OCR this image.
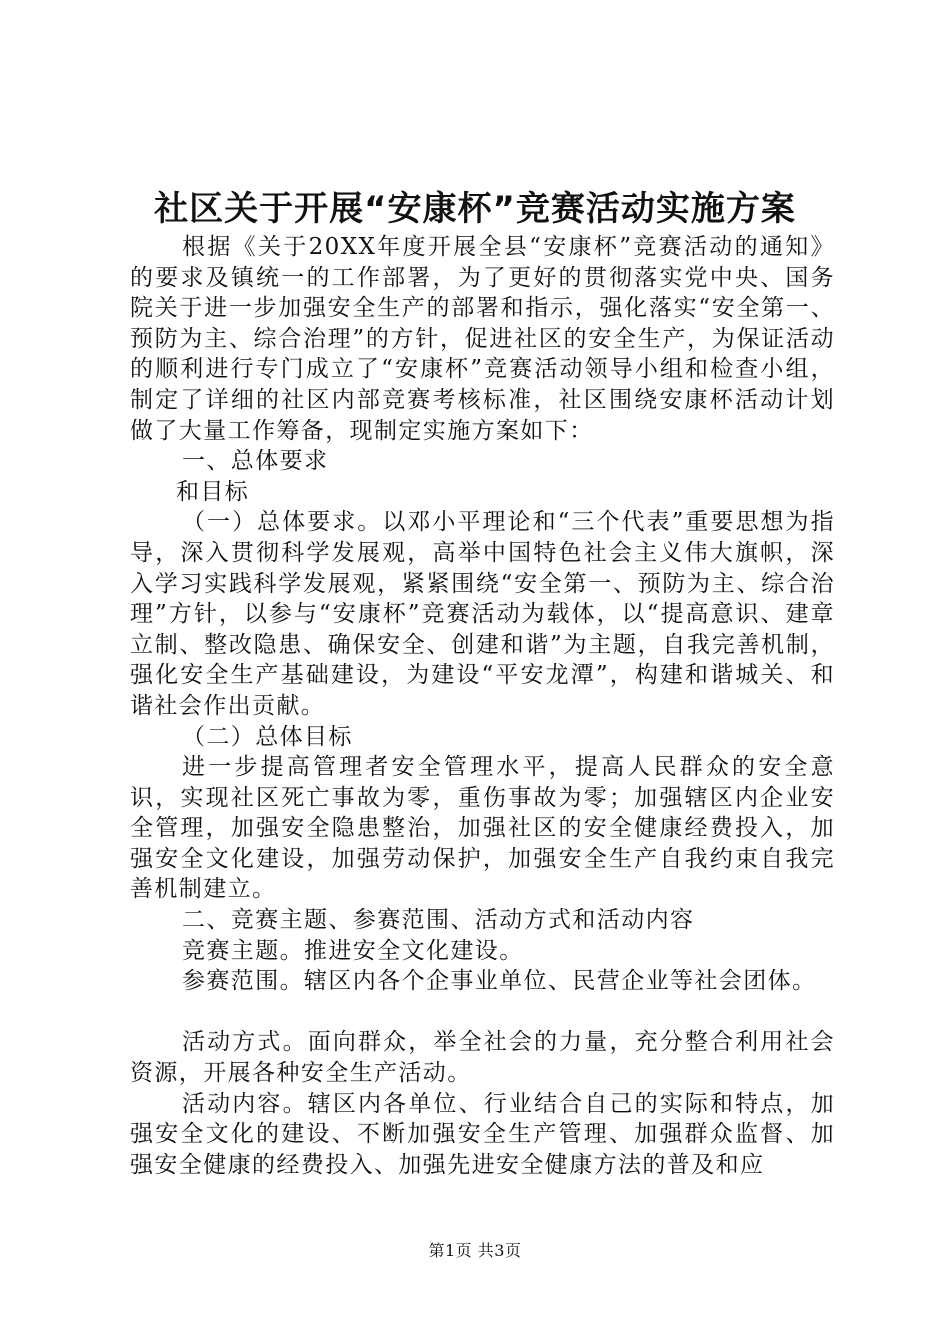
社区关于开展“安康杯”竞赛活动实施方案

根据《关于20XX年度开展全县“安康杯”竞赛活动的通知》的要求及镇统一的工作部署，为了更好的贯彻落实党中央、国务院关于进一步加强安全生产的部署和指示，强化落实“安全第一、预防为主、综合治理”的方针，促进社区的安全生产，为保证活动的顺利进行专门成立了“安康杯”竞赛活动领导小组和检查小组，制定了详细的社区内部竞赛考核标准，社区围绕安康杯活动计划做了大量工作筹备，现制定实施方案如下：

一、总体要求

和目标

（一）总体要求。以邓小平理论和“三个代表”重要思想为指导，深入贯彻科学发展观，高举中国特色社会主义伟大旗帜，深入学习实践科学发展观，紧紧围绕“安全第一、预防为主、综合治理”方针，以参与“安康杯”竞赛活动为载体，以“提高意识、建章立制、整改隐患、确保安全、创建和谐”为主题，自我完善机制，强化安全生产基础建设，为建设“平安龙潭”，构建和谐城关、和谐社会作出贡献。

（二）总体目标

进一步提高管理者安全管理水平，提高人民群众的安全意识，实现社区死亡事故为零，重伤事故为零；加强辖区内企业安全管理，加强安全隐患整治，加强社区的安全健康经费投入，加强安全文化建设，加强劳动保护，加强安全生产自我约束自我完善机制建立。

二、竞赛主题、参赛范围、活动方式和活动内容

竞赛主题。推进安全文化建设。

参赛范围。辖区内各个企事业单位、民营企业等社会团体。

活动方式。面向群众，举全社会的力量，充分整合利用社会资源，开展各种安全生产活动。

活动内容。辖区内各单位、行业结合自己的实际和特点，加强安全文化的建设、不断加强安全生产管理、加强群众监督、加强安全健康的经费投入、加强先进安全健康方法的普及和应

第1页 共3页
